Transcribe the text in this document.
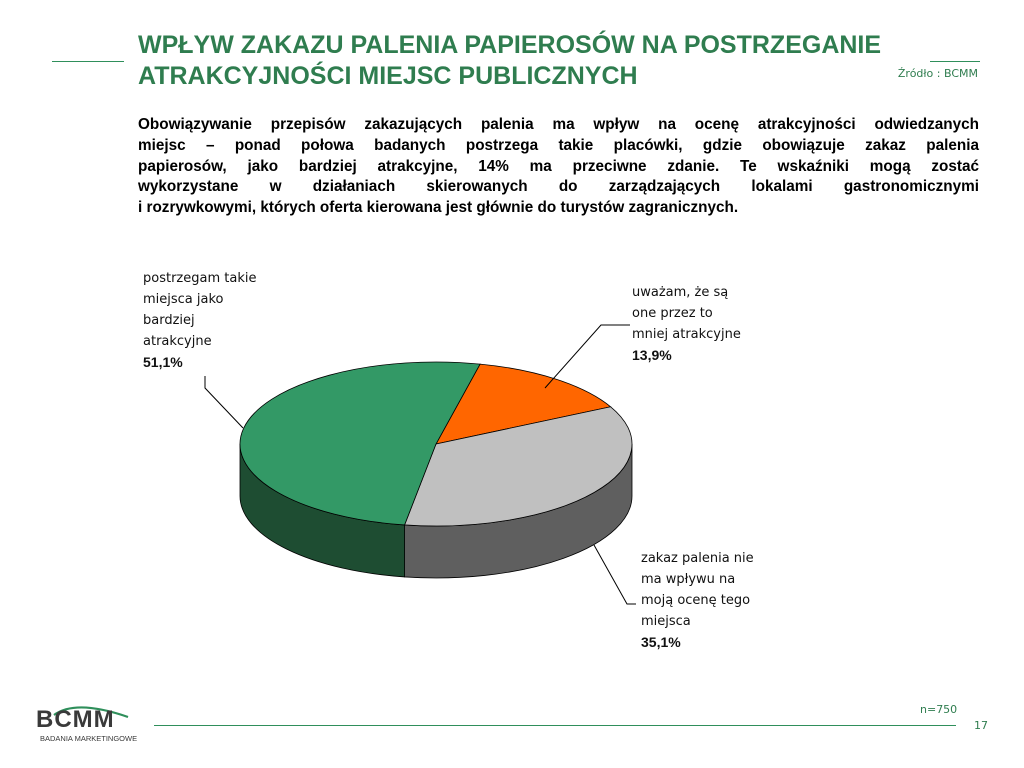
WPŁYW ZAKAZU PALENIA PAPIEROSÓW NA POSTRZEGANIE
ATRAKCYJNOŚCI MIEJSC PUBLICZNYCH	Źródło : BCMM

Obowiązywanie przepisów zakazujących palenia ma wpływ na ocenę atrakcyjności odwiedzanych
miejsc – ponad połowa badanych postrzega takie placówki, gdzie obowiązuje zakaz palenia
papierosów, jako bardziej atrakcyjne, 14% ma przeciwne zdanie. Te wskaźniki mogą zostać
wykorzystane w działaniach skierowanych do zarządzających lokalami gastronomicznymi
i rozrywkowymi, których oferta kierowana jest głównie do turystów zagranicznych.

postrzegam takie
miejsca jako
bardziej
atrakcyjne
51,1%
uważam, że są
one przez to
mniej atrakcyjne
13,9%
zakaz palenia nie
ma wpływu na
moją ocenę tego
miejsca
35,1%
BCMM
BADANIA MARKETINGOWE
n=750
17
